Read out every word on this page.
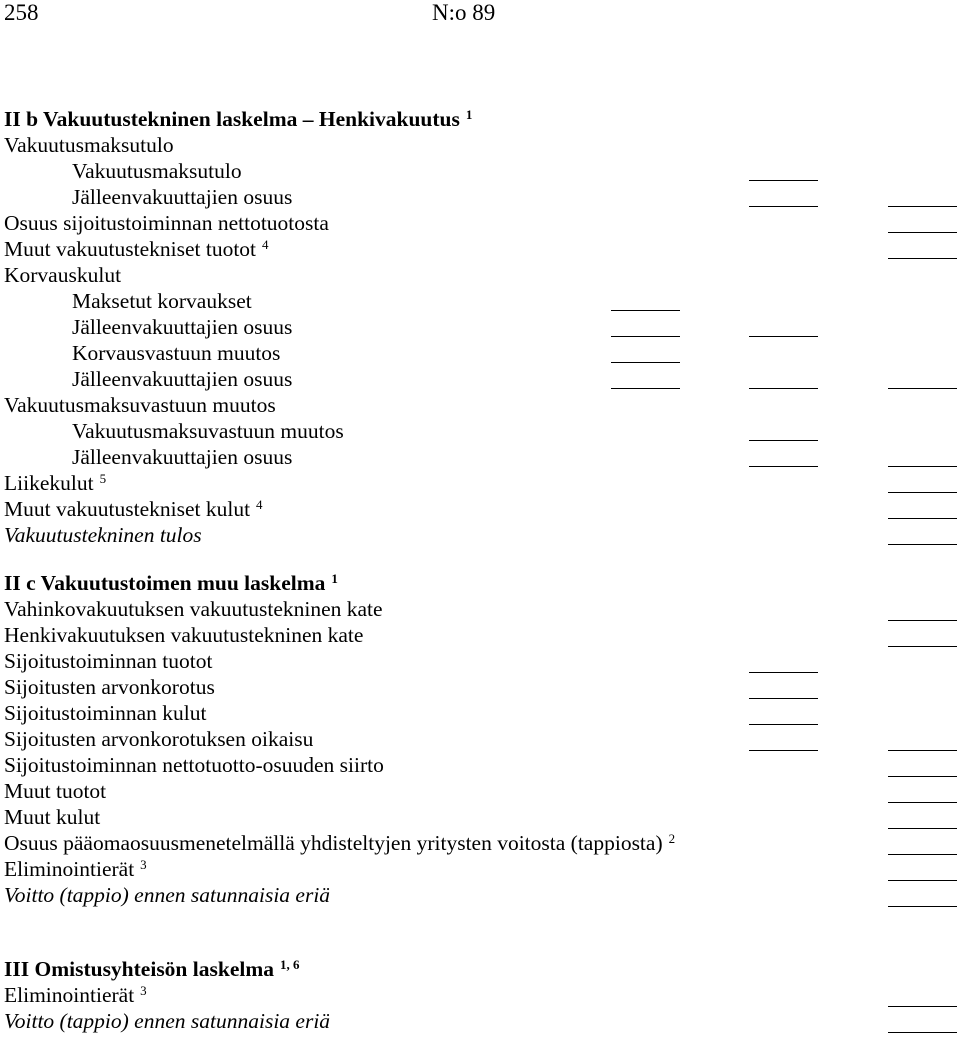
258	N:o 89
II b Vakuutustekninen laskelma – Henkivakuutus $^1$
Vakuutusmaksutulo
Vakuutusmaksutulo
Jälleenvakuuttajien osuus
Osuus sijoitustoiminnan nettotuotosta
Muut vakuutustekniset tuotot $^4$
Korvauskulut
Maksetut korvaukset
Jälleenvakuuttajien osuus
Korvausvastuun muutos
Jälleenvakuuttajien osuus
Vakuutusmaksuvastuun muutos
Vakuutusmaksuvastuun muutos
Jälleenvakuuttajien osuus
Liikekulut $^5$
Muut vakuutustekniset kulut $^4$
Vakuutustekninen tulos
II c Vakuutustoimen muu laskelma $^1$
Vahinkovakuutuksen vakuutustekninen kate
Henkivakuutuksen vakuutustekninen kate
Sijoitustoiminnan tuotot
Sijoitusten arvonkorotus
Sijoitustoiminnan kulut
Sijoitusten arvonkorotuksen oikaisu
Sijoitustoiminnan nettotuotto-osuuden siirto
Muut tuotot
Muut kulut
Osuus pääomaosuusmenetelmällä yhdisteltyjen yritysten voitosta (tappiosta) $^2$
Eliminointierät $^3$
Voitto (tappio) ennen satunnaisia eriä
III Omistusyhteisön laskelma $^{1, 6}$
Eliminointierät $^3$
Voitto (tappio) ennen satunnaisia eriä
